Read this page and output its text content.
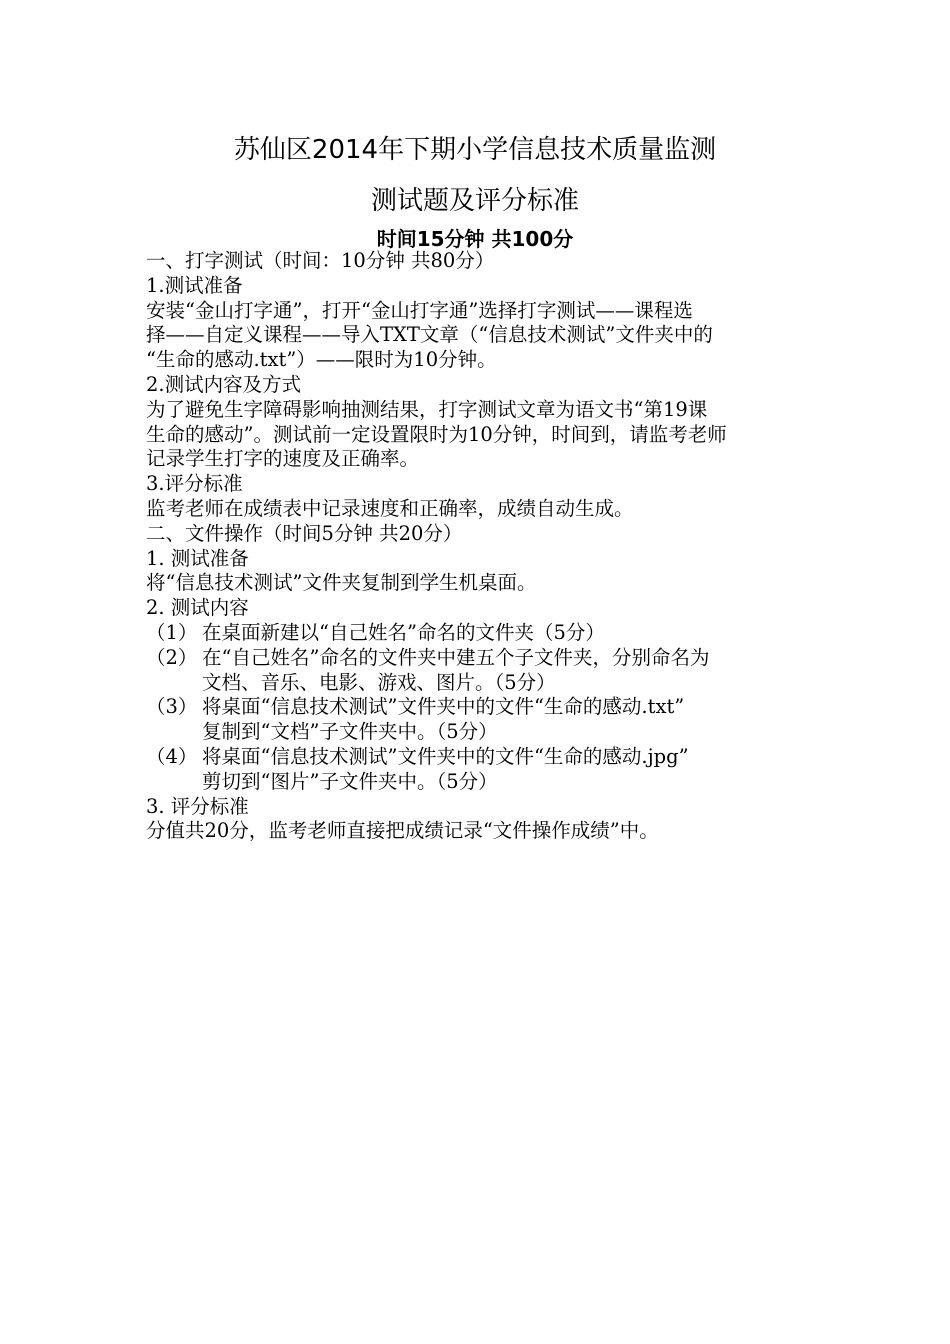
苏仙区2014年下期小学信息技术质量监测
测试题及评分标准
时间15分钟 共100分
一、打字测试（时间：10分钟 共80分）
1.测试准备
安装“金山打字通”，打开“金山打字通”选择打字测试——课程选
择——自定义课程——导入TXT文章（“信息技术测试”文件夹中的
“生命的感动.txt”）——限时为10分钟。
2.测试内容及方式
为了避免生字障碍影响抽测结果，打字测试文章为语文书“第19课
生命的感动”。测试前一定设置限时为10分钟，时间到，请监考老师
记录学生打字的速度及正确率。
3.评分标准
监考老师在成绩表中记录速度和正确率，成绩自动生成。
二、文件操作（时间5分钟 共20分）
1. 测试准备
将“信息技术测试”文件夹复制到学生机桌面。
2. 测试内容
（1） 在桌面新建以“自己姓名”命名的文件夹（5分）
（2） 在“自己姓名”命名的文件夹中建五个子文件夹，分别命名为
文档、音乐、电影、游戏、图片。（5分）
（3） 将桌面“信息技术测试”文件夹中的文件“生命的感动.txt”
复制到“文档”子文件夹中。（5分）
（4） 将桌面“信息技术测试”文件夹中的文件“生命的感动.jpg”
剪切到“图片”子文件夹中。（5分）
3. 评分标准
分值共20分，监考老师直接把成绩记录“文件操作成绩”中。
